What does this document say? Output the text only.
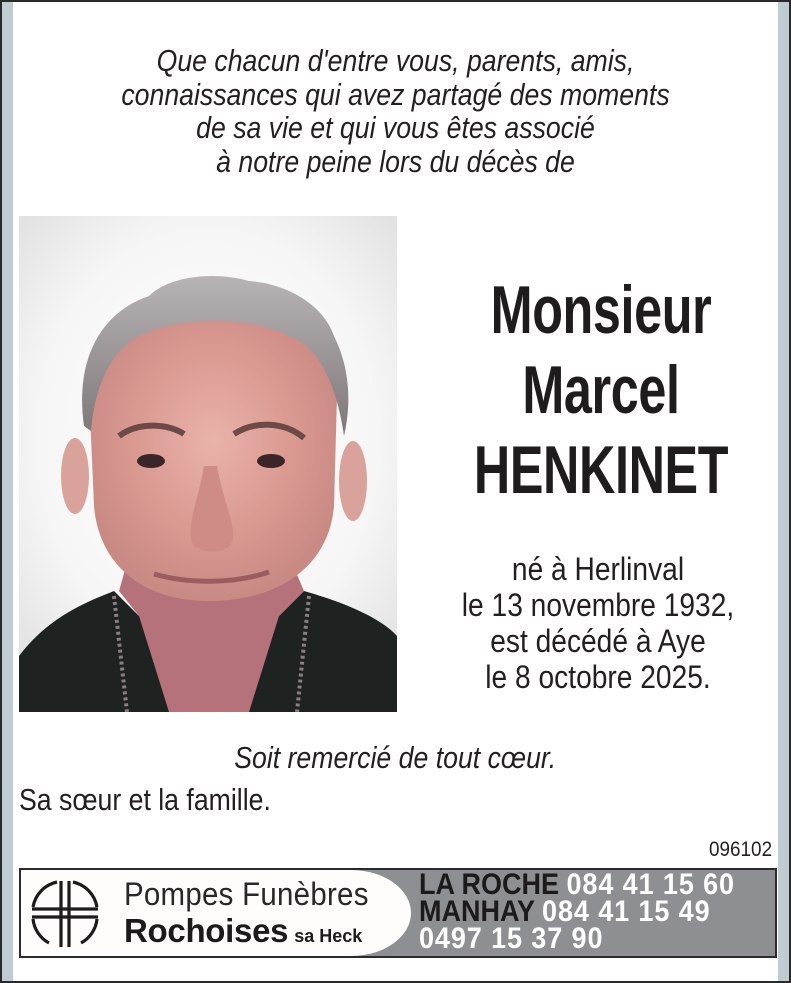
Que chacun d'entre vous, parents, amis,
connaissances qui avez partagé des moments
de sa vie et qui vous êtes associé
à notre peine lors du décès de
Monsieur
Marcel
HENKINET
né à Herlinval
le 13 novembre 1932,
est décédé à Aye
le 8 octobre 2025.
Soit remercié de tout cœur.
Sa sœur et la famille.
096102
Pompes Funèbres
Rochoises sa Heck
LA ROCHE 084 41 15 60
MANHAY 084 41 15 49
0497 15 37 90
